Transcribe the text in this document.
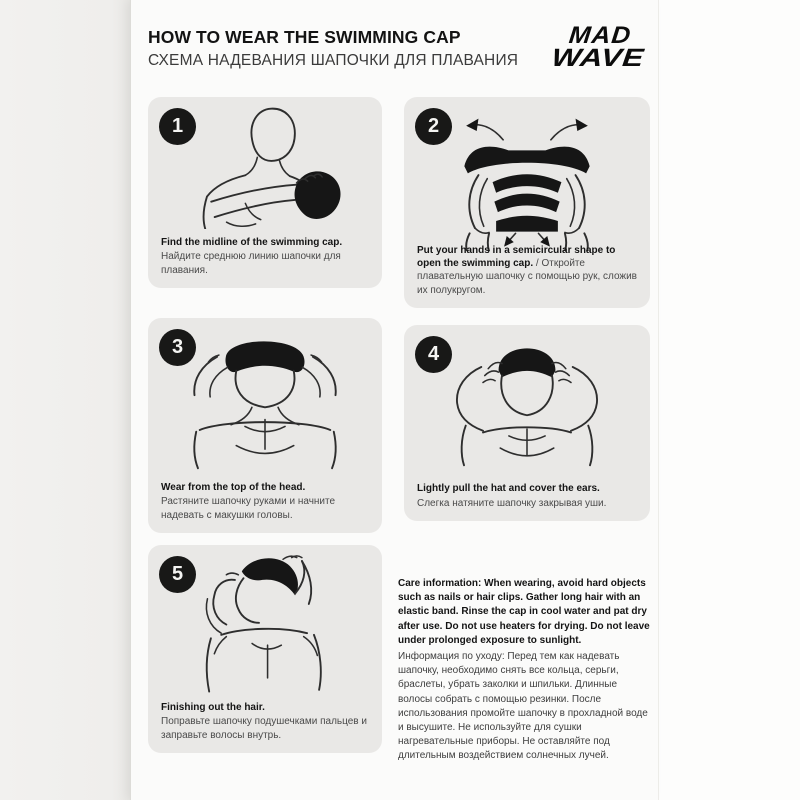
HOW TO WEAR THE SWIMMING CAP
СХЕМА НАДЕВАНИЯ ШАПОЧКИ ДЛЯ ПЛАВАНИЯ
MAD
WAVE
1
Find the midline of the swimming cap.
Найдите среднюю линию шапочки для плавания.
2
Put your hands in a semicircular shape to open the swimming cap. / Откройте плавательную шапочку с помощью рук, сложив их полукругом.
3
Wear from the top of the head.
Растяните шапочку руками и начните надевать с макушки головы.
4
Lightly pull the hat and cover the ears.
Слегка натяните шапочку закрывая уши.
5
Finishing out the hair.
Поправьте шапочку подушечками пальцев и заправьте волосы внутрь.
Care information: When wearing, avoid hard objects such as nails or hair clips. Gather long hair with an elastic band. Rinse the cap in cool water and pat dry after use. Do not use heaters for drying. Do not leave under prolonged exposure to sunlight.
Информация по уходу: Перед тем как надевать шапочку, необходимо снять все кольца, серьги, браслеты, убрать заколки и шпильки. Длинные волосы собрать с помощью резинки. После использования промойте шапочку в прохладной воде и высушите. Не используйте для сушки нагревательные приборы. Не оставляйте под длительным воздействием солнечных лучей.
